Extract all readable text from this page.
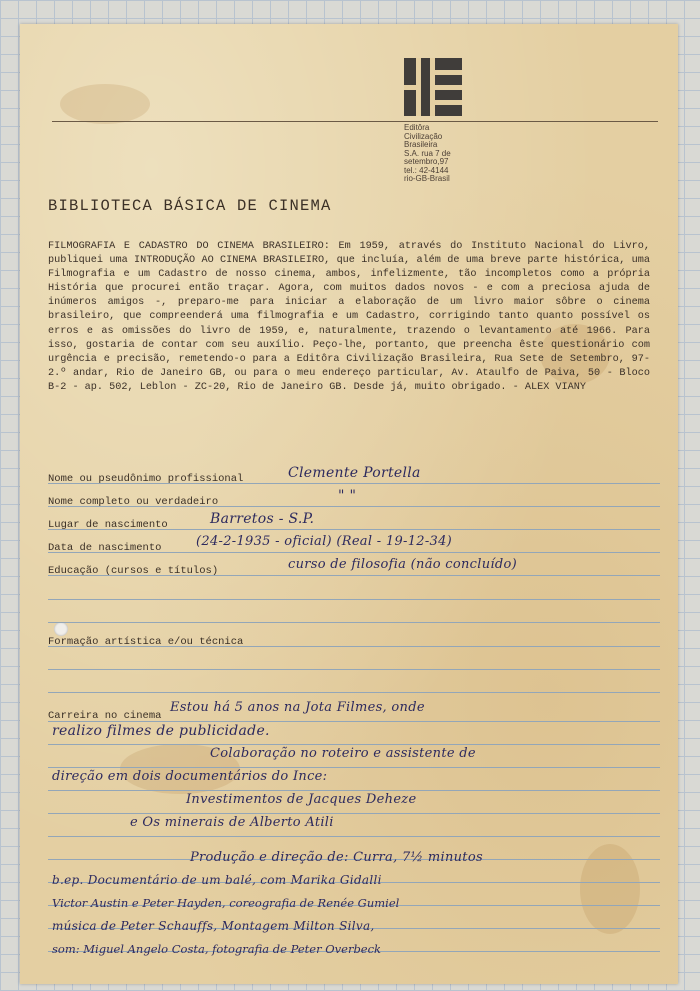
Editôra
Civilização
Brasileira
S.A. rua 7 de
setembro,97
tel.: 42-4144
rio-GB-Brasil
BIBLIOTECA BÁSICA DE CINEMA
FILMOGRAFIA E CADASTRO DO CINEMA BRASILEIRO: Em 1959, através do Instituto Nacional do Livro, publiquei uma INTRODUÇÃO AO CINEMA BRASILEIRO, que incluía, além de uma breve parte histórica, uma Filmografia e um Cadastro de nosso cinema, ambos, infelizmente, tão incompletos como a própria História que procurei então traçar. Agora, com muitos dados novos - e com a preciosa ajuda de inúmeros amigos -, preparo-me para iniciar a elaboração de um livro maior sôbre o cinema brasileiro, que compreenderá uma filmografia e um Cadastro, corrigindo tanto quanto possível os erros e as omissões do livro de 1959, e, naturalmente, trazendo o levantamento até 1966. Para isso, gostaria de contar com seu auxílio. Peço-lhe, portanto, que preencha êste questionário com urgência e precisão, remetendo-o para a Editôra Civilização Brasileira, Rua Sete de Setembro, 97-2.º andar, Rio de Janeiro GB, ou para o meu endereço particular, Av. Ataulfo de Paiva, 50 - Bloco B-2 - ap. 502, Leblon - ZC-20, Rio de Janeiro GB. Desde já, muito obrigado. - ALEX VIANY
Nome ou pseudônimo profissional
Nome completo ou verdadeiro
Lugar de nascimento
Data de nascimento
Educação (cursos e títulos)
Formação artística e/ou técnica
Carreira no cinema
Clemente Portella
" "
Barretos - S.P.
(24-2-1935 - oficial) (Real - 19-12-34)
curso de filosofia (não concluído)
Estou há 5 anos na Jota Filmes, onde
realizo filmes de publicidade.
Colaboração no roteiro e assistente de
direção em dois documentários do Ince:
Investimentos de Jacques Deheze
e Os minerais de Alberto Atili
Produção e direção de: Curra, 7½ minutos
b.ep. Documentário de um balé, com Marika Gidalli
Victor Austin e Peter Hayden, coreografia de Renée Gumiel
música de Peter Schauffs, Montagem Milton Silva,
som: Miguel Angelo Costa, fotografia de Peter Overbeck
